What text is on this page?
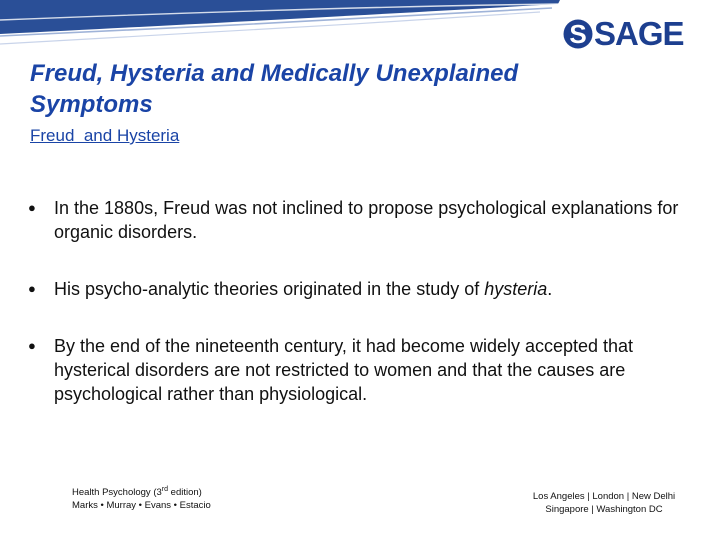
S SAGE
Freud, Hysteria and Medically Unexplained Symptoms
Freud  and Hysteria
●	In the 1880s, Freud was not inclined to propose psychological explanations for organic disorders.
●	His psycho-analytic theories originated in the study of hysteria.
●	By the end of the nineteenth century, it had become widely accepted that hysterical disorders are not restricted to women and that the causes are psychological rather than physiological.
Health Psychology (3rd edition)
Marks • Murray • Evans • Estacio
Los Angeles | London | New Delhi
Singapore | Washington DC
